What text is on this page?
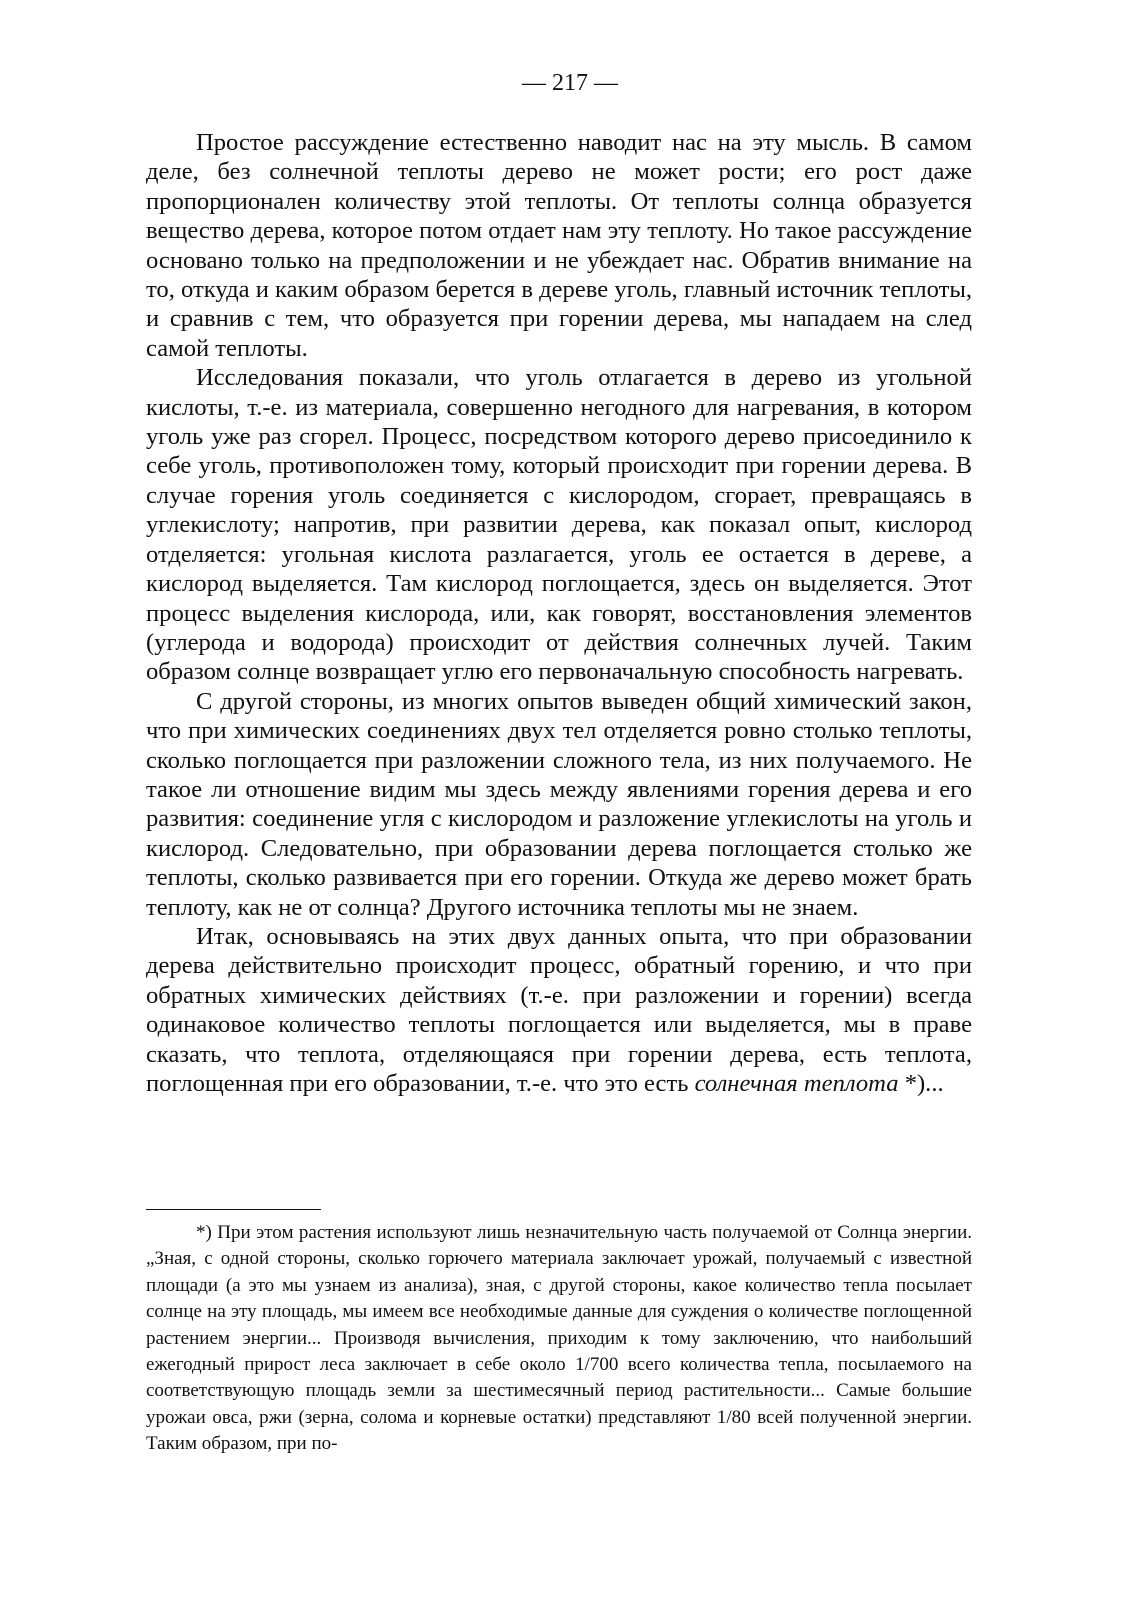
— 217 —

Простое рассуждение естественно наводит нас на эту мысль. В самом деле, без солнечной теплоты дерево не может рости; его рост даже пропорционален количеству этой теплоты. От теплоты солнца образуется вещество дерева, которое потом отдает нам эту теплоту. Но такое рассуждение основано только на предположении и не убеждает нас. Обратив внимание на то, откуда и каким образом берется в дереве уголь, главный источник теплоты, и сравнив с тем, что образуется при горении дерева, мы нападаем на след самой теплоты.

Исследования показали, что уголь отлагается в дерево из угольной кислоты, т.-е. из материала, совершенно негодного для нагревания, в котором уголь уже раз сгорел. Процесс, посредством которого дерево присоединило к себе уголь, противоположен тому, который происходит при горении дерева. В случае горения уголь соединяется с кислородом, сгорает, превращаясь в углекислоту; напротив, при развитии дерева, как показал опыт, кислород отделяется: угольная кислота разлагается, уголь ее остается в дереве, а кислород выделяется. Там кислород поглощается, здесь он выделяется. Этот процесс выделения кислорода, или, как говорят, восстановления элементов (углерода и водорода) происходит от действия солнечных лучей. Таким образом солнце возвращает углю его первоначальную способность нагревать.

С другой стороны, из многих опытов выведен общий химический закон, что при химических соединениях двух тел отделяется ровно столько теплоты, сколько поглощается при разложении сложного тела, из них получаемого. Не такое ли отношение видим мы здесь между явлениями горения дерева и его развития: соединение угля с кислородом и разложение углекислоты на уголь и кислород. Следовательно, при образовании дерева поглощается столько же теплоты, сколько развивается при его горении. Откуда же дерево может брать теплоту, как не от солнца? Другого источника теплоты мы не знаем.

Итак, основываясь на этих двух данных опыта, что при образовании дерева действительно происходит процесс, обратный горению, и что при обратных химических действиях (т.-е. при разложении и горении) всегда одинаковое количество теплоты поглощается или выделяется, мы в праве сказать, что теплота, отделяющаяся при горении дерева, есть теплота, поглощенная при его образовании, т.-е. что это есть солнечная теплота *)...

*) При этом растения используют лишь незначительную часть получаемой от Солнца энергии. „Зная, с одной стороны, сколько горючего материала заключает урожай, получаемый с известной площади (а это мы узнаем из анализа), зная, с другой стороны, какое количество тепла посылает солнце на эту площадь, мы имеем все необходимые данные для суждения о количестве поглощенной растением энергии... Производя вычисления, приходим к тому заключению, что наибольший ежегодный прирост леса заключает в себе около 1/700 всего количества тепла, посылаемого на соответствующую площадь земли за шестимесячный период растительности... Самые большие урожаи овса, ржи (зерна, солома и корневые остатки) представляют 1/80 всей полученной энергии. Таким образом, при по-
